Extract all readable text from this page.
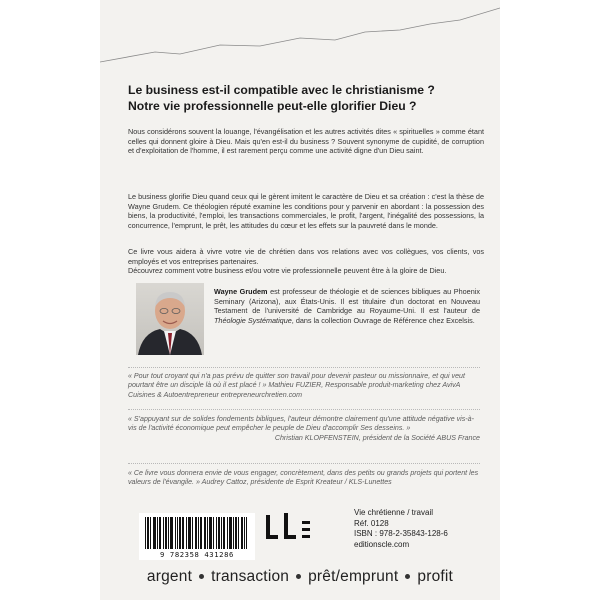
Le business est-il compatible avec le christianisme ?
Notre vie professionnelle peut-elle glorifier Dieu ?

Nous considérons souvent la louange, l'évangélisation et les autres activités dites « spirituelles » comme étant celles qui donnent gloire à Dieu. Mais qu'en est-il du business ? Souvent synonyme de cupidité, de corruption et d'exploitation de l'homme, il est rarement perçu comme une activité digne d'un Dieu saint.

Le business glorifie Dieu quand ceux qui le gèrent imitent le caractère de Dieu et sa création : c'est la thèse de Wayne Grudem. Ce théologien réputé examine les conditions pour y parvenir en abordant : la possession des biens, la productivité, l'emploi, les transactions commerciales, le profit, l'argent, l'inégalité des possessions, la concurrence, l'emprunt, le prêt, les attitudes du cœur et les effets sur la pauvreté dans le monde.

Ce livre vous aidera à vivre votre vie de chrétien dans vos relations avec vos collègues, vos clients, vos employés et vos entreprises partenaires.

Découvrez comment votre business et/ou votre vie professionnelle peuvent être à la gloire de Dieu.

Wayne Grudem est professeur de théologie et de sciences bibliques au Phoenix Seminary (Arizona), aux États-Unis. Il est titulaire d'un doctorat en Nouveau Testament de l'université de Cambridge au Royaume-Uni. Il est l'auteur de Théologie Systématique, dans la collection Ouvrage de Référence chez Excelsis.
« Pour tout croyant qui n'a pas prévu de quitter son travail pour devenir pasteur ou missionnaire, et qui veut pourtant être un disciple là où il est placé ! » Mathieu FUZIER, Responsable produit-marketing chez AvivA Cuisines & Autoentrepreneur entrepreneurchretien.com
« S'appuyant sur de solides fondements bibliques, l'auteur démontre clairement qu'une attitude négative vis-à-vis de l'activité économique peut empêcher le peuple de Dieu d'accomplir Ses desseins. »
Christian KLOPFENSTEIN, président de la Société ABUS France
« Ce livre vous donnera envie de vous engager, concrètement, dans des petits ou grands projets qui portent les valeurs de l'évangile. » Audrey Cattoz, présidente de Esprit Kreateur / KLS-Lunettes
9 782358 431286
Vie chrétienne / travail
Réf. 0128
ISBN : 978-2-35843-128-6
editionscle.com
argent transaction prêt/emprunt profit
